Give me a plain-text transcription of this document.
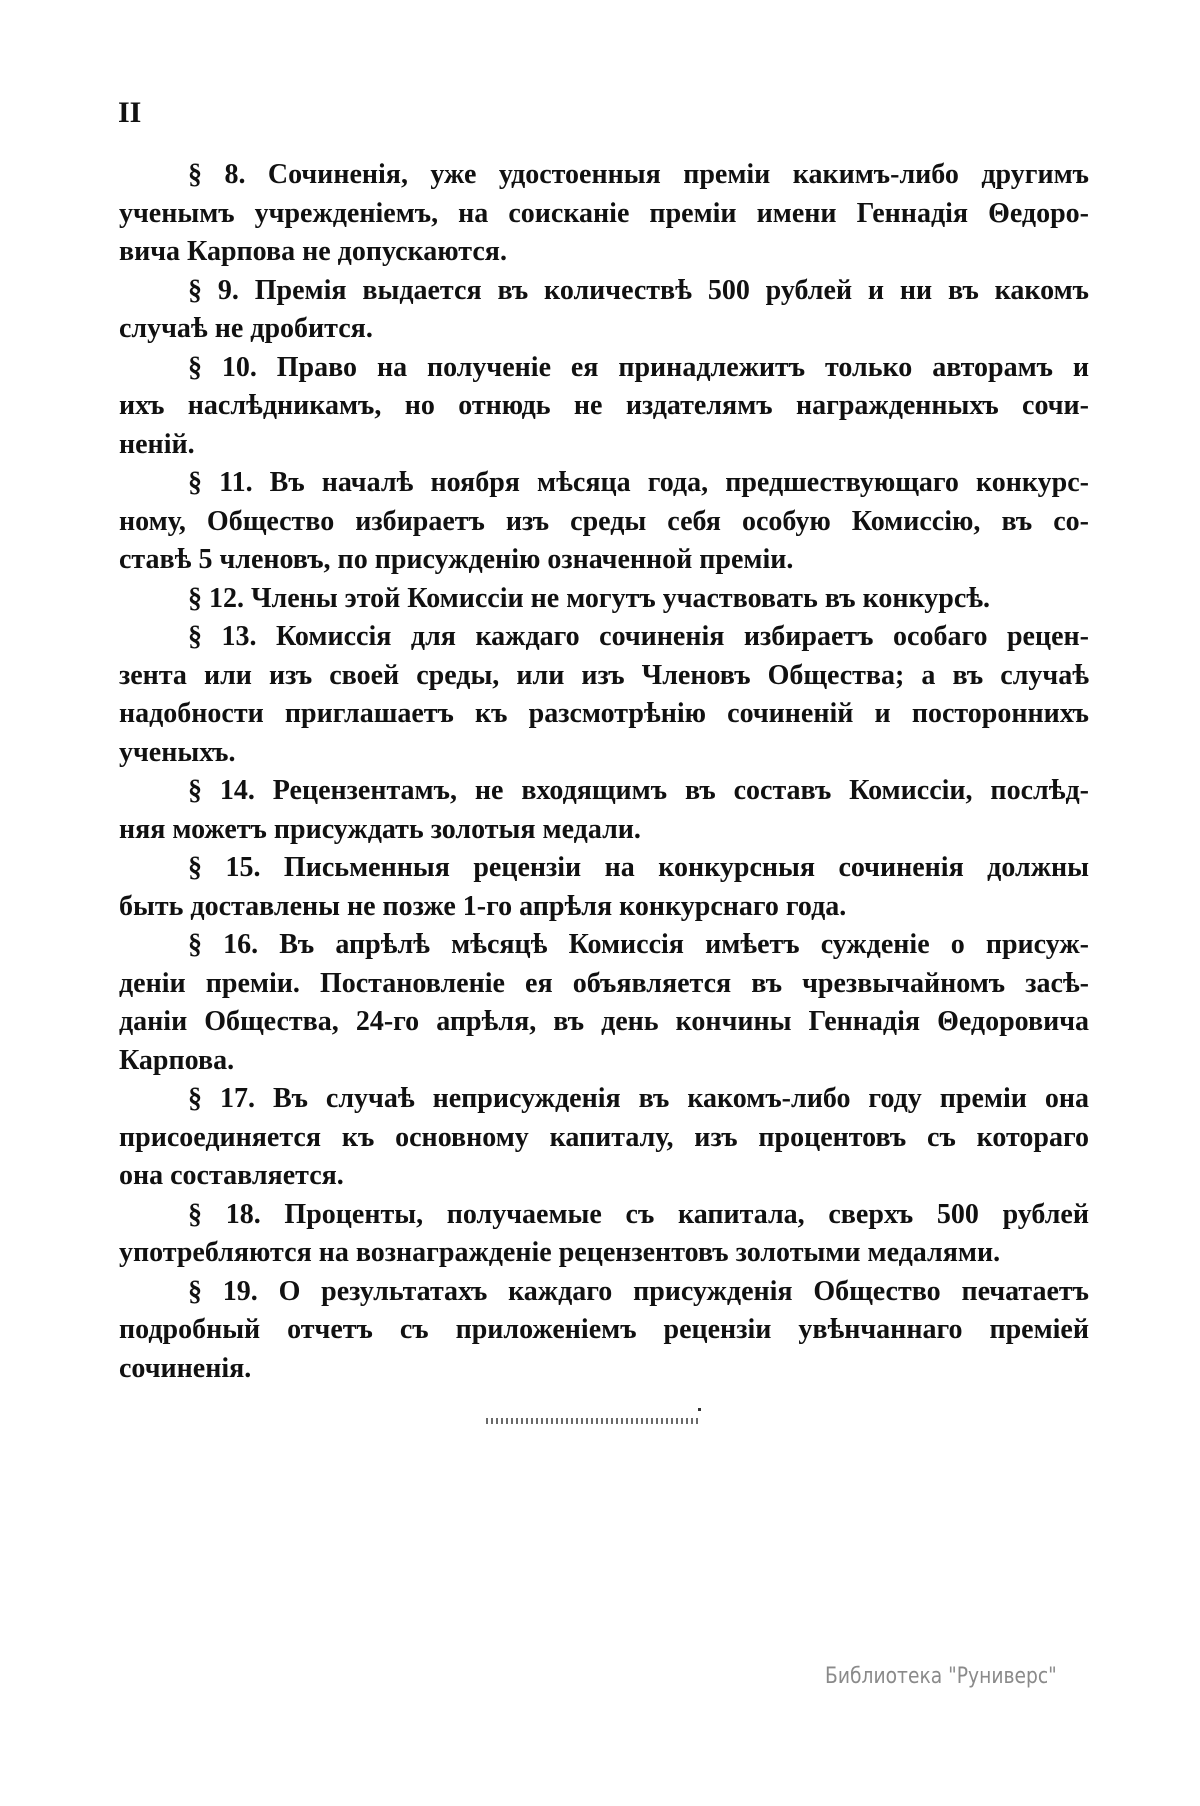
II
§ 8. Сочиненія, уже удостоенныя преміи какимъ-либо другимъ
ученымъ учрежденіемъ, на соисканіе преміи имени Геннадія Θедоро-
вича Карпова не допускаются.
§ 9. Премія выдается въ количествѣ 500 рублей и ни въ какомъ
случаѣ не дробится.
§ 10. Право на полученіе ея принадлежитъ только авторамъ и
ихъ наслѣдникамъ, но отнюдь не издателямъ награжденныхъ сочи-
неній.
§ 11. Въ началѣ ноября мѣсяца года, предшествующаго конкурс-
ному, Общество избираетъ изъ среды себя особую Комиссію, въ со-
ставѣ 5 членовъ, по присужденію означенной преміи.
§ 12. Члены этой Комиссіи не могутъ участвовать въ конкурсѣ.
§ 13. Комиссія для каждаго сочиненія избираетъ особаго рецен-
зента или изъ своей среды, или изъ Членовъ Общества; а въ случаѣ
надобности приглашаетъ къ разсмотрѣнію сочиненій и постороннихъ
ученыхъ.
§ 14. Рецензентамъ, не входящимъ въ составъ Комиссіи, послѣд-
няя можетъ присуждать золотыя медали.
§ 15. Письменныя рецензіи на конкурсныя сочиненія должны
быть доставлены не позже 1-го апрѣля конкурснаго года.
§ 16. Въ апрѣлѣ мѣсяцѣ Комиссія имѣетъ сужденіе о присуж-
деніи преміи. Постановленіе ея объявляется въ чрезвычайномъ засѣ-
даніи Общества, 24-го апрѣля, въ день кончины Геннадія Θедоровича
Карпова.
§ 17. Въ случаѣ неприсужденія въ какомъ-либо году преміи она
присоединяется къ основному капиталу, изъ процентовъ съ котораго
она составляется.
§ 18. Проценты, получаемые съ капитала, сверхъ 500 рублей
употребляются на вознагражденіе рецензентовъ золотыми медалями.
§ 19. О результатахъ каждаго присужденія Общество печатаетъ
подробный отчетъ съ приложеніемъ рецензіи увѣнчаннаго преміей
сочиненія.
Библиотека "Руниверс"
